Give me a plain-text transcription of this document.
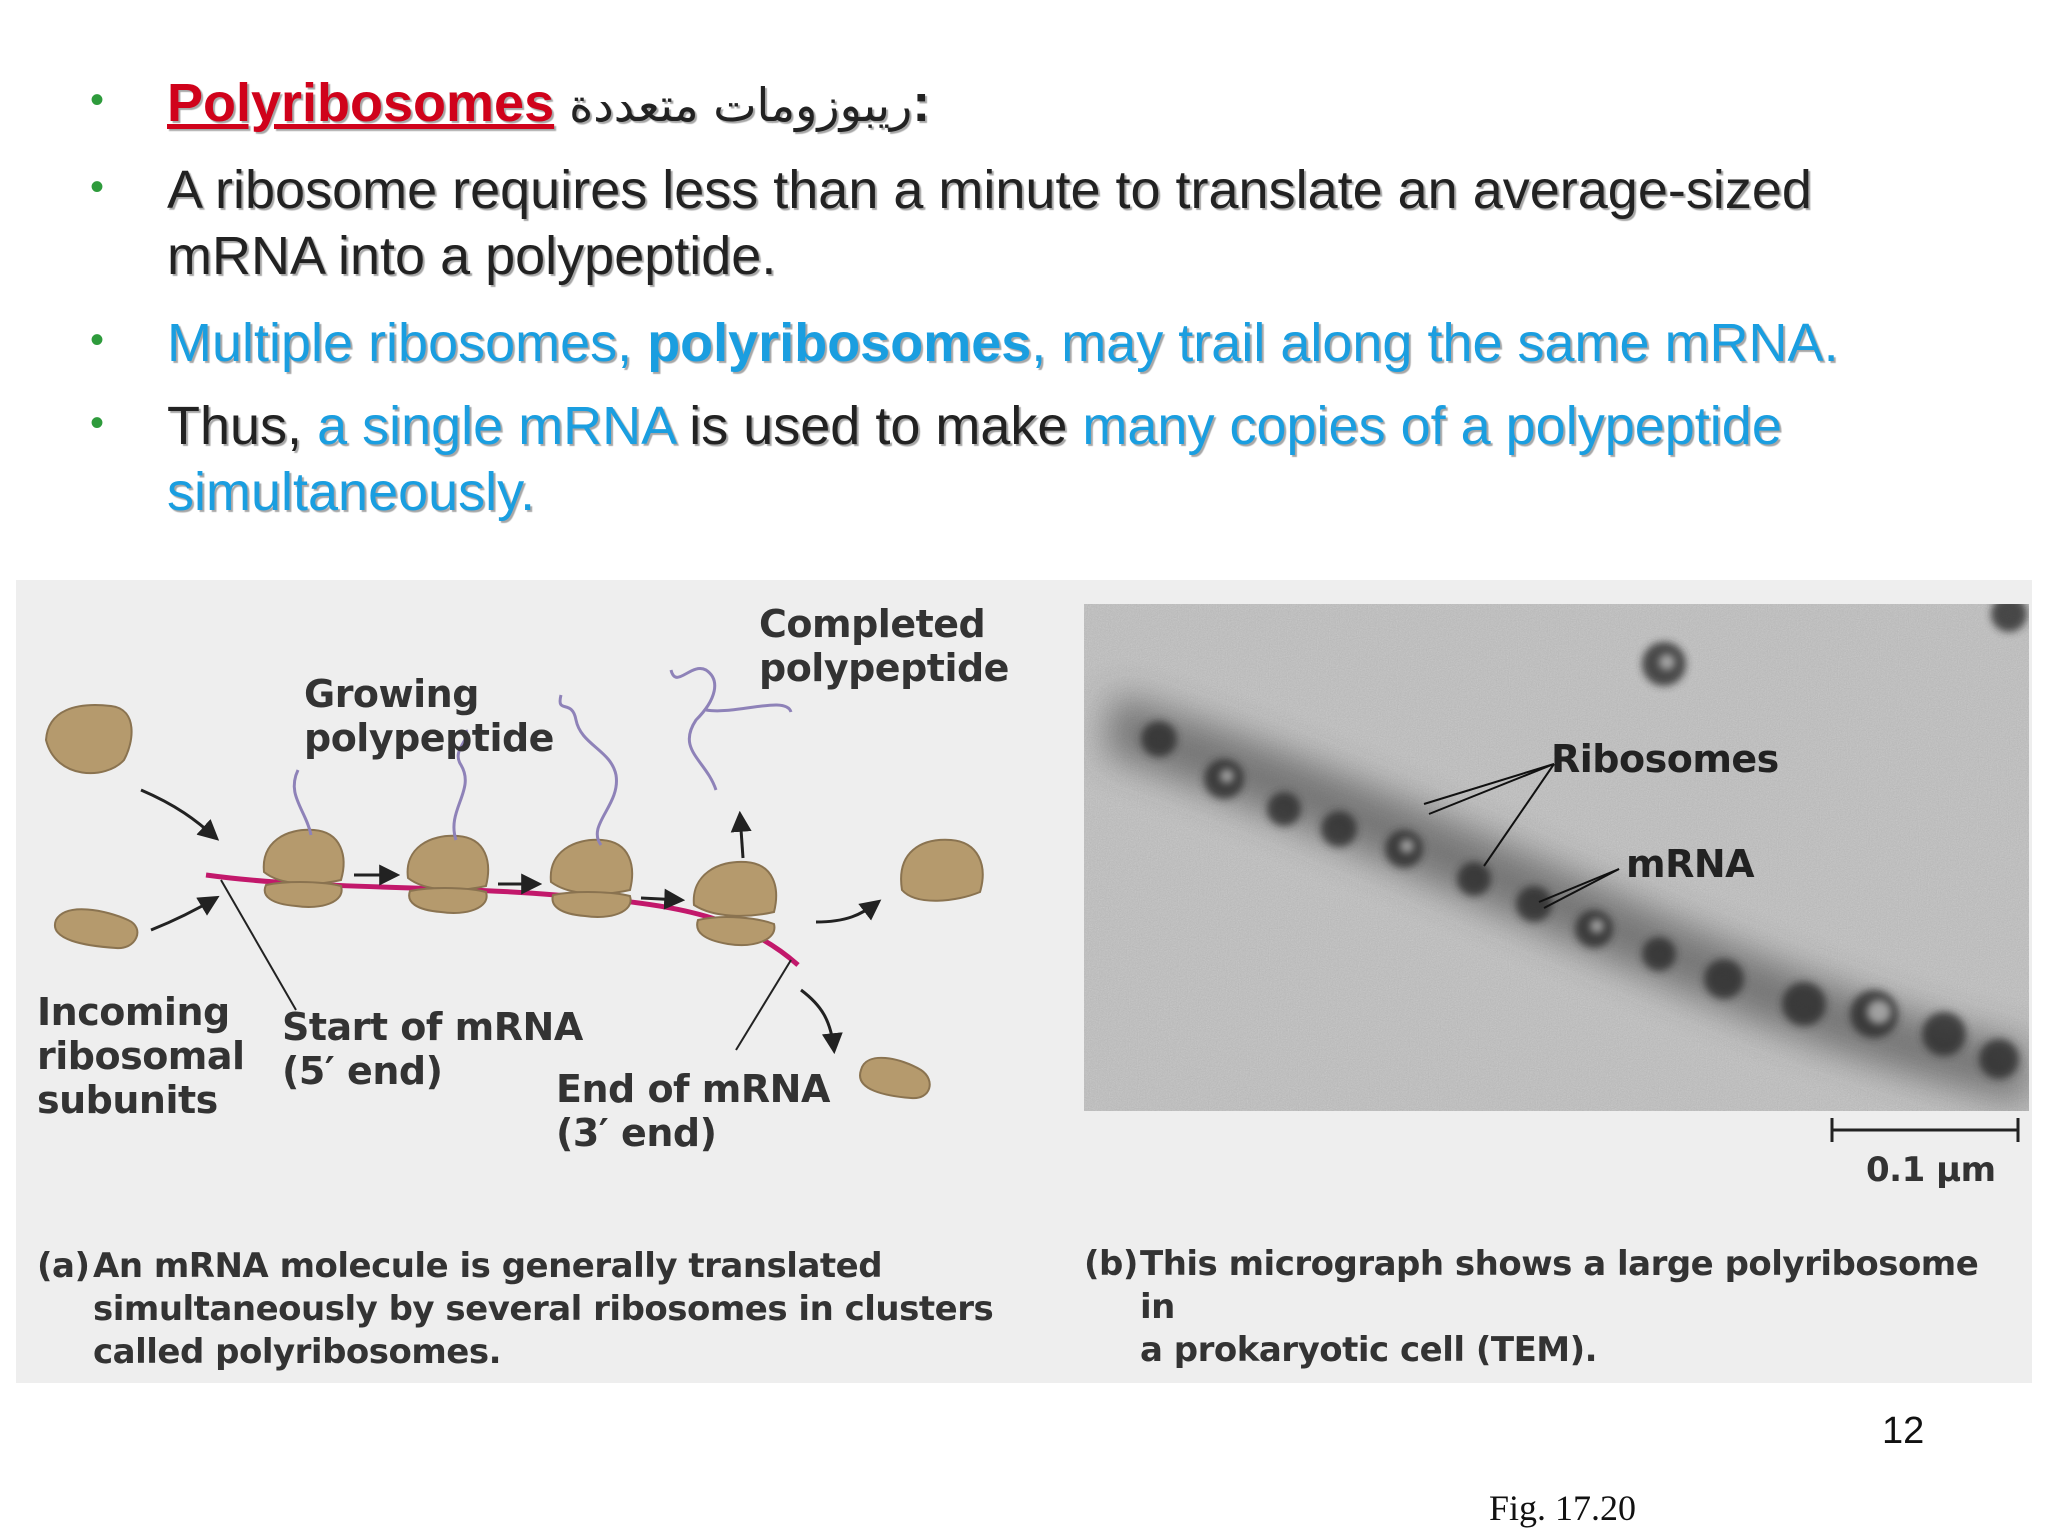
• Polyribosomes ريبوزومات متعددة:
• A ribosome requires less than a minute to translate an average-sized
mRNA into a polypeptide.
• Multiple ribosomes, polyribosomes, may trail along the same mRNA.
• Thus, a single mRNA is used to make many copies of a polypeptide
simultaneously.
Growing
polypeptide
Completed
polypeptide
Incoming
ribosomal
subunits
Start of mRNA
(5′ end)	End of mRNA
(3′ end)
(a) An mRNA molecule is generally translated
simultaneously by several ribosomes in clusters
called polyribosomes.
Ribosomes
mRNA
0.1 µm
(b) This micrograph shows a large polyribosome in
a prokaryotic cell (TEM).
12
Fig. 17.20
